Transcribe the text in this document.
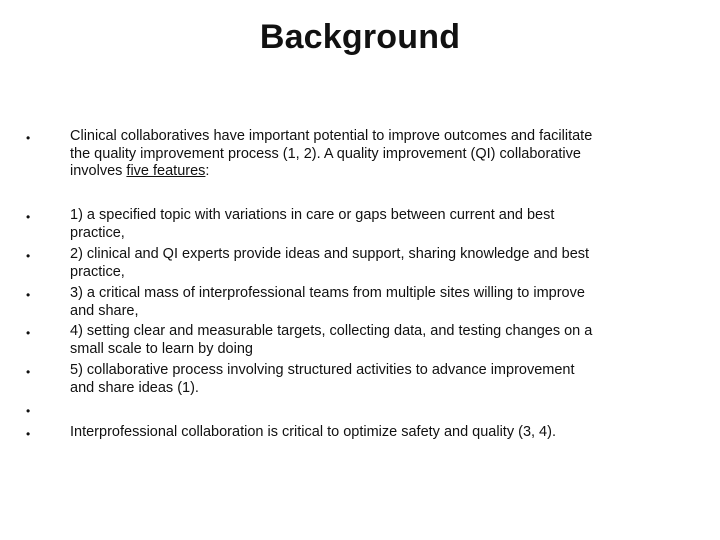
Background
•	Clinical collaboratives have important potential to improve outcomes and facilitate
the quality improvement process (1, 2). A quality improvement (QI) collaborative
involves five features:
•	1) a specified topic with variations in care or gaps between current and best
practice,
•	2) clinical and QI experts provide ideas and support, sharing knowledge and best
practice,
•	3) a critical mass of interprofessional teams from multiple sites willing to improve
and share,
•	4) setting clear and measurable targets, collecting data, and testing changes on a
small scale to learn by doing
•	5) collaborative process involving structured activities to advance improvement
and share ideas (1).
•
•	Interprofessional collaboration is critical to optimize safety and quality (3, 4).
